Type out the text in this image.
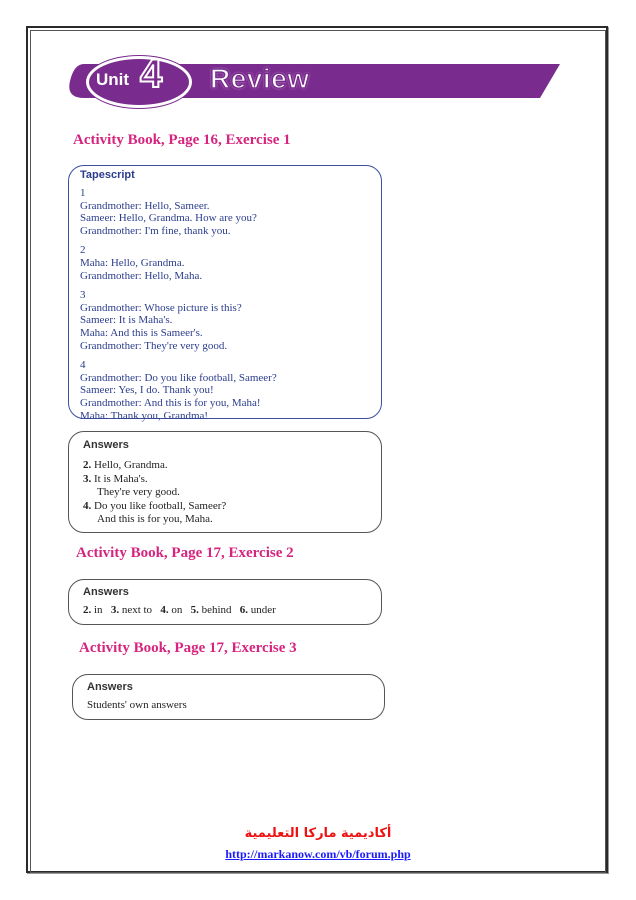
Unit 4 Review
Activity Book, Page 16, Exercise 1
Tapescript
1
Grandmother: Hello, Sameer.
Sameer: Hello, Grandma. How are you?
Grandmother: I'm fine, thank you.
2
Maha: Hello, Grandma.
Grandmother: Hello, Maha.
3
Grandmother: Whose picture is this?
Sameer: It is Maha's.
Maha: And this is Sameer's.
Grandmother: They're very good.
4
Grandmother: Do you like football, Sameer?
Sameer: Yes, I do. Thank you!
Grandmother: And this is for you, Maha!
Maha: Thank you, Grandma!
Answers
2. Hello, Grandma.
3. It is Maha's.
They're very good.
4. Do you like football, Sameer?
And this is for you, Maha.
Activity Book, Page 17, Exercise 2
Answers
2. in 3. next to 4. on 5. behind 6. under
Activity Book, Page 17, Exercise 3
Answers
Students' own answers
أكاديمية ماركا التعليمية
http://markanow.com/vb/forum.php
